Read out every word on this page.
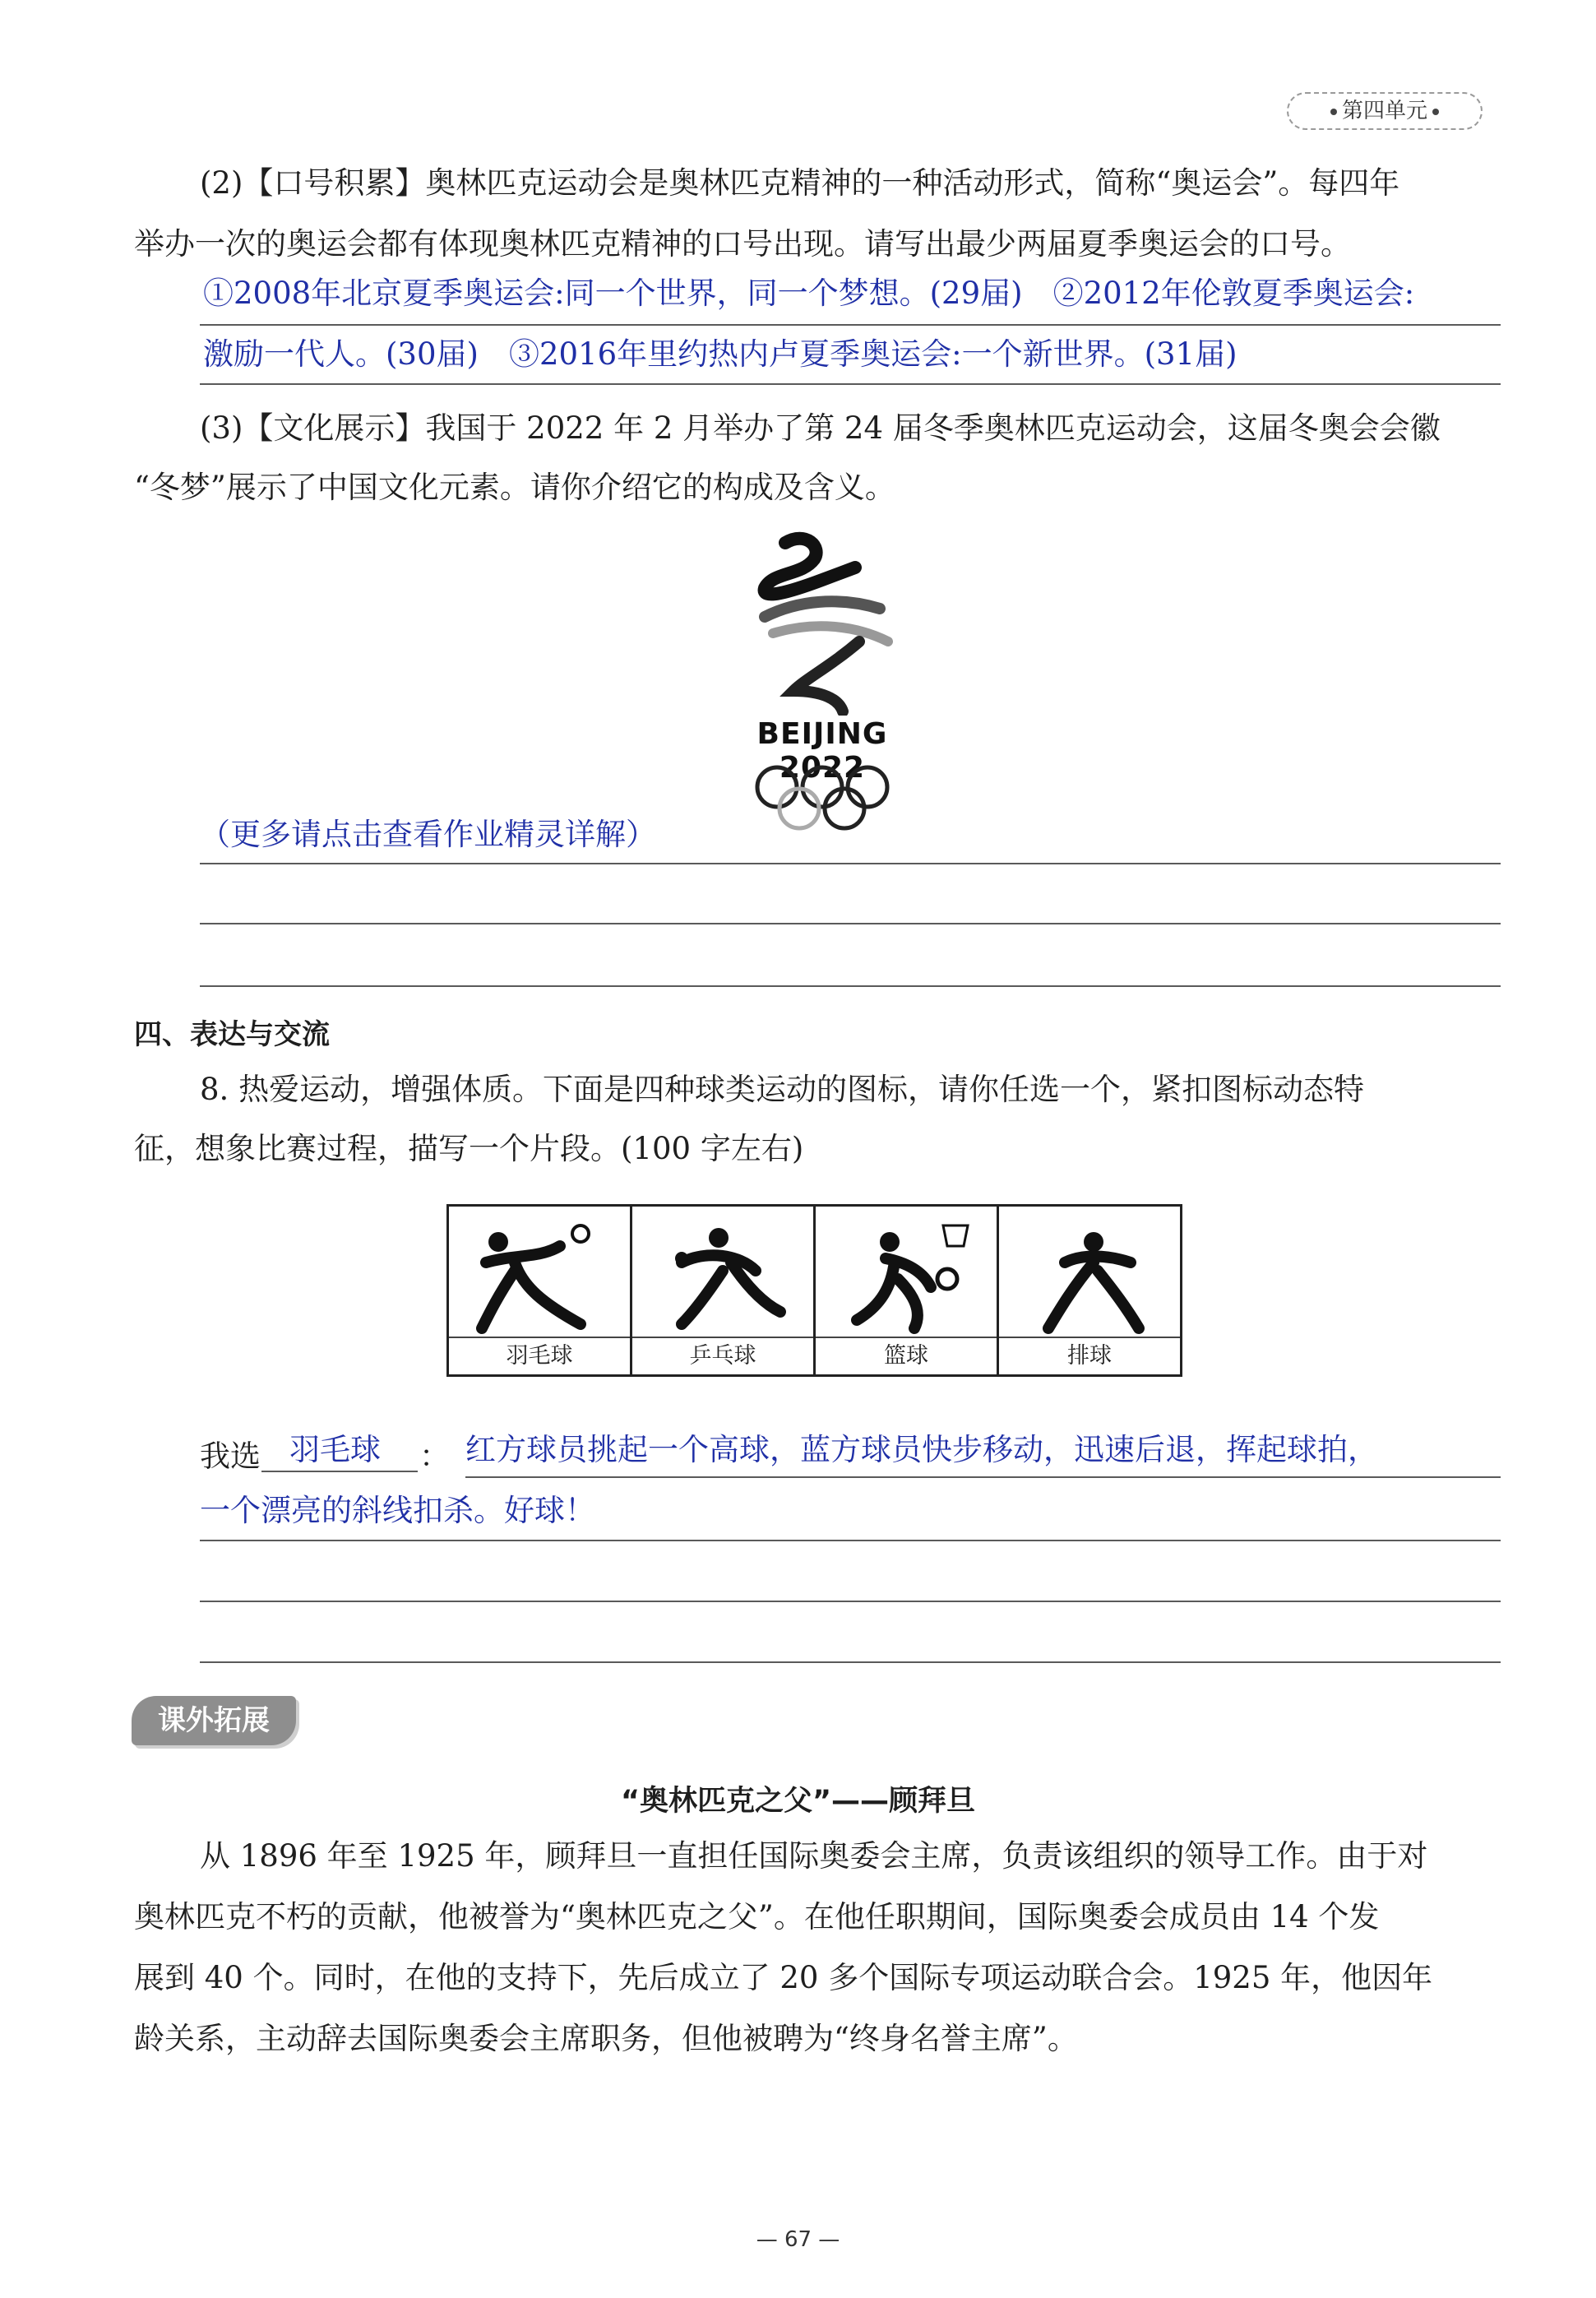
第四单元
(2)【口号积累】奥林匹克运动会是奥林匹克精神的一种活动形式，简称“奥运会”。每四年
举办一次的奥运会都有体现奥林匹克精神的口号出现。请写出最少两届夏季奥运会的口号。
①2008年北京夏季奥运会:同一个世界，同一个梦想。(29届)　②2012年伦敦夏季奥运会:
激励一代人。(30届)　③2016年里约热内卢夏季奥运会:一个新世界。(31届)
(3)【文化展示】我国于 2022 年 2 月举办了第 24 届冬季奥林匹克运动会，这届冬奥会会徽
“冬梦”展示了中国文化元素。请你介绍它的构成及含义。
BEIJING 2022
（更多请点击查看作业精灵详解）
四、表达与交流
8. 热爱运动，增强体质。下面是四种球类运动的图标，请你任选一个，紧扣图标动态特
征，想象比赛过程，描写一个片段。(100 字左右)
羽毛球	乒乓球	篮球	排球
我选 羽毛球 ： 红方球员挑起一个高球，蓝方球员快步移动，迅速后退，挥起球拍，
一个漂亮的斜线扣杀。好球！
课外拓展
“奥林匹克之父”——顾拜旦
从 1896 年至 1925 年，顾拜旦一直担任国际奥委会主席，负责该组织的领导工作。由于对
奥林匹克不朽的贡献，他被誉为“奥林匹克之父”。在他任职期间，国际奥委会成员由 14 个发
展到 40 个。同时，在他的支持下，先后成立了 20 多个国际专项运动联合会。1925 年，他因年
龄关系，主动辞去国际奥委会主席职务，但他被聘为“终身名誉主席”。
— 67 —
